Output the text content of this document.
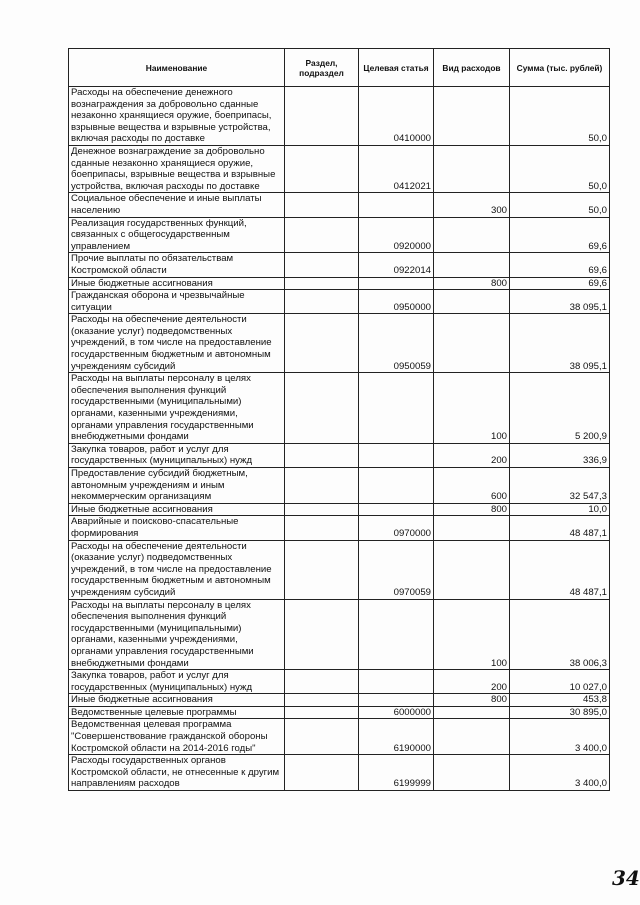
Наименование	Раздел, подраздел	Целевая статья	Вид расходов	Сумма (тыс. рублей)
Расходы на обеспечение денежного вознаграждения за добровольно сданные незаконно хранящиеся оружие, боеприпасы, взрывные вещества и взрывные устройства, включая расходы по доставке		0410000		50,0
Денежное вознаграждение за добровольно сданные незаконно хранящиеся оружие, боеприпасы, взрывные вещества и взрывные устройства, включая расходы по доставке		0412021		50,0
Социальное обеспечение и иные выплаты населению			300	50,0
Реализация государственных функций, связанных с общегосударственным управлением		0920000		69,6
Прочие выплаты по обязательствам Костромской области		0922014		69,6
Иные бюджетные ассигнования			800	69,6
Гражданская оборона и чрезвычайные ситуации		0950000		38 095,1
Расходы на обеспечение деятельности (оказание услуг) подведомственных учреждений, в том числе на предоставление государственным бюджетным и автономным учреждениям субсидий		0950059		38 095,1
Расходы на выплаты персоналу в целях обеспечения выполнения функций государственными (муниципальными) органами, казенными учреждениями, органами управления государственными внебюджетными фондами			100	5 200,9
Закупка товаров, работ и услуг для государственных (муниципальных) нужд			200	336,9
Предоставление субсидий бюджетным, автономным учреждениям и иным некоммерческим организациям			600	32 547,3
Иные бюджетные ассигнования			800	10,0
Аварийные и поисково-спасательные формирования		0970000		48 487,1
Расходы на обеспечение деятельности (оказание услуг) подведомственных учреждений, в том числе на предоставление государственным бюджетным и автономным учреждениям субсидий		0970059		48 487,1
Расходы на выплаты персоналу в целях обеспечения выполнения функций государственными (муниципальными) органами, казенными учреждениями, органами управления государственными внебюджетными фондами			100	38 006,3
Закупка товаров, работ и услуг для государственных (муниципальных) нужд			200	10 027,0
Иные бюджетные ассигнования			800	453,8
Ведомственные целевые программы		6000000		30 895,0
Ведомственная целевая программа "Совершенствование гражданской обороны Костромской области на 2014-2016 годы"		6190000		3 400,0
Расходы государственных органов Костромской области, не отнесенные к другим направлениям расходов		6199999		3 400,0
34
